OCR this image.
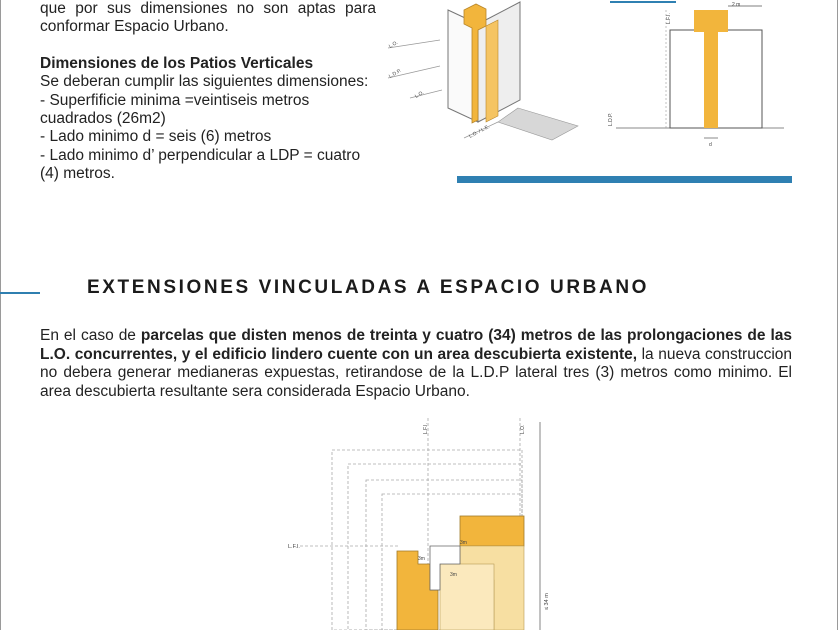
que por sus dimensiones no son aptas para conformar Espacio Urbano.

Dimensiones de los Patios Verticales

Se deberan cumplir las siguientes dimensiones:

- Superfificie minima =veintiseis metros cuadrados (26m2)

- Lado minimo d = seis (6) metros

- Lado minimo d’ perpendicular a LDP = cuatro (4) metros.

L.O.
L.D.P.
L.O.
L.O. / L.E.
2 m
L.F.I.
L.D.P.
d
EXTENSIONES VINCULADAS A ESPACIO URBANO

En el caso de parcelas que disten menos de treinta y cuatro (34) metros de las prolongaciones de las L.O. concurrentes, y el edificio lindero cuente con un area descubierta existente, la nueva construccion no debera generar medianeras expuestas, retirandose de la L.D.P lateral tres (3) metros como minimo. El area descubierta resultante sera considerada Espacio Urbano.

L.F.I.	L.O.
L.F.I.
3m
3m
3m
≤ 34 m
